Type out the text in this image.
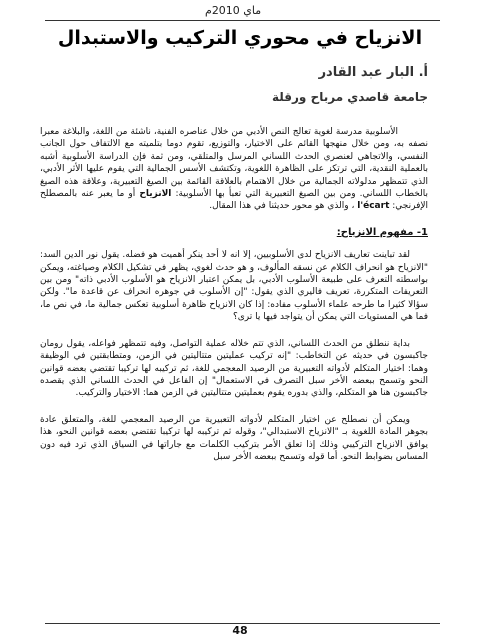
ماي 2010م
الانزياح في محوري التركيب والاستبدال
أ. البار عبد القادر
جامعة قاصدي مرباح ورقلة

الأسلوبية مدرسة لغوية تعالج النص الأدبي من خلال عناصره الفنية، ناشئة من اللغة، والبلاغة معبرا نصفه به، ومن خلال منهجها القائم على الاختيار، والتوزيع، تقوم دوما بتلميته مع الالتفاف حول الجانب النفسي، والاتجاهي لعنصري الحدث اللساني المرسل والمتلقي، ومن ثمة فإن الدراسة الأسلوبية أشبه بالعملية النقدية، التي ترتكز على الظاهرة اللغوية، وتكتشف الأسس الجمالية التي يقوم عليها الأثر الأدبي، الذي تتمظهر مدلولاته الجمالية من خلال الاهتمام بالعلاقة القائمة بين الصيغ التعبيرية، وعلاقة هذه الصيغ بالخطاب اللساني. ومن بين الصيغ التعبيرية التي تعبأ بها الأسلوبية: الانزياح أو ما يعبر عنه بالمصطلح الإفرنجي: l'écart ، والذي هو محور حديثنا في هذا المقال.

1- مفهوم الانزياح:

لقد تباينت تعاريف الانزياح لدى الأسلوبيين، إلا انه لا أحد ينكر أهميت هو فضله. يقول نور الدين السد: "الانزياح هو انحراف الكلام عن نسقه المألوف، و هو حدث لغوي، يظهر في تشكيل الكلام وصياغته، ويمكن بواسطته التعرف على طبيعة الأسلوب الأدبي، بل يمكن اعتبار الانزياح هو الأسلوب الأدبي ذاته" ومن بين التعريفات المتكررة، تعريف فاليري الذي يقول: "إن الأسلوب في جوهره انحراف عن قاعدة ما". ولكن سؤالا كثيرا ما طرحه علماء الأسلوب مفاده: إذا كان الانزياح ظاهرة أسلوبية تعكس جمالية ما، في نص ما، فما هي المستويات التي يمكن أن يتواجد فيها يا ترى؟

بداية ننطلق من الحدث اللساني، الذي تتم خلاله عملية التواصل، وفيه تتمظهر فواعله، يقول رومان جاكبسون في حديثه عن التخاطب: "إنه تركيب عمليتين متتاليتين في الزمن، ومتطابقتين في الوظيفة وهما: اختيار المتكلم لأدواته التعبيرية من الرصيد المعجمي للغة، ثم تركيبه لها تركيبا تقتضي بعضه قوانين النحو وتسمح ببعضه الأخر سبل التصرف في الاستعمال" إن الفاعل في الحدث اللساني الذي يقصده جاكبسون هنا هو المتكلم، والذي بدوره يقوم بعمليتين متتاليتين في الزمن هما: الاختيار والتركيب.

ويمكن أن نصطلح عن اختيار المتكلم لأدواته التعبيرية من الرصيد المعجمي للغة، والمتعلق عادة بجوهر المادة اللغوية بـ "الانزياح الاستبدالي"، وقوله ثم تركيبه لها تركيبا تقتضي بعضه قوانين النحو، هذا يوافق الانزياح التركيبي وذلك إذا تعلق الأمر بتركيب الكلمات مع جاراتها في السياق الذي ترد فيه دون المساس بضوابط النحو. أما قوله وتسمح ببعضه الأخر سبل

48
